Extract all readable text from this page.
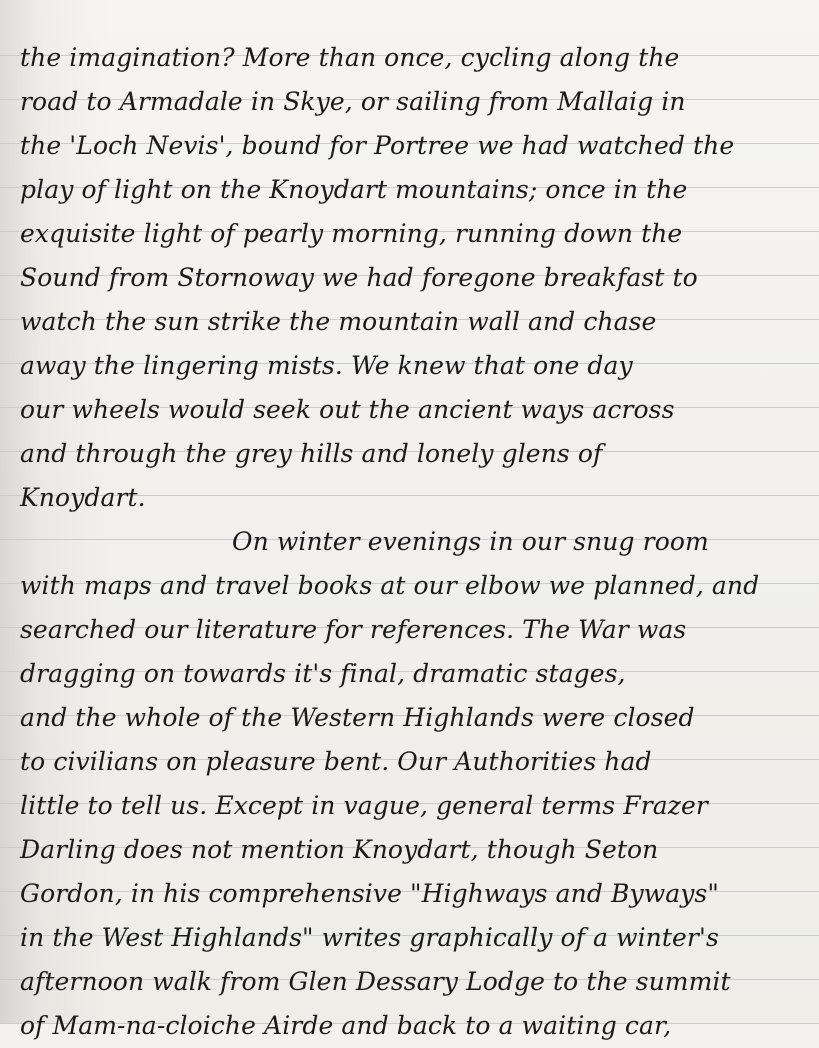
the imagination? More than once, cycling along the
road to Armadale in Skye, or sailing from Mallaig in
the 'Loch Nevis', bound for Portree we had watched the
play of light on the Knoydart mountains; once in the
exquisite light of pearly morning, running down the
Sound from Stornoway we had foregone breakfast to
watch the sun strike the mountain wall and chase
away the lingering mists. We knew that one day
our wheels would seek out the ancient ways across
and through the grey hills and lonely glens of
Knoydart.
On winter evenings in our snug room
with maps and travel books at our elbow we planned, and
searched our literature for references. The War was
dragging on towards it's final, dramatic stages,
and the whole of the Western Highlands were closed
to civilians on pleasure bent. Our Authorities had
little to tell us. Except in vague, general terms Frazer
Darling does not mention Knoydart, though Seton
Gordon, in his comprehensive "Highways and Byways"
in the West Highlands" writes graphically of a winter's
afternoon walk from Glen Dessary Lodge to the summit
of Mam-na-cloiche Airde and back to a waiting car,
